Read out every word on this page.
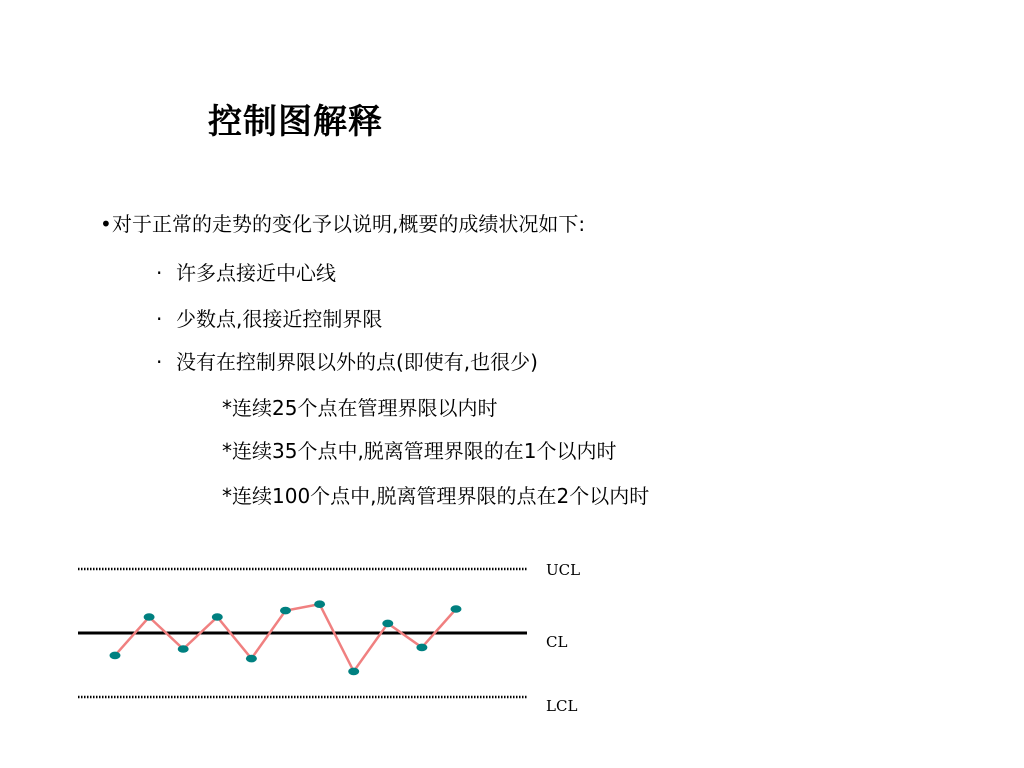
控制图解释
•对于正常的走势的变化予以说明,概要的成绩状况如下:
· 许多点接近中心线
· 少数点,很接近控制界限
· 没有在控制界限以外的点(即使有,也很少)
*连续25个点在管理界限以内时
*连续35个点中,脱离管理界限的在1个以内时
*连续100个点中,脱离管理界限的点在2个以内时
UCL
CL
LCL
